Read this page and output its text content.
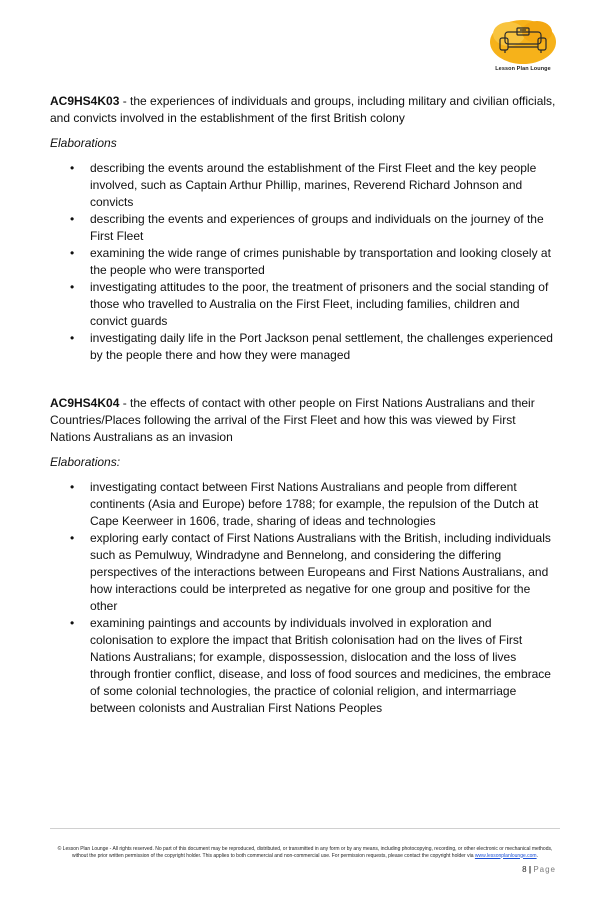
Lesson Plan Lounge

AC9HS4K03 - the experiences of individuals and groups, including military and civilian officials, and convicts involved in the establishment of the first British colony

Elaborations

• describing the events around the establishment of the First Fleet and the key people involved, such as Captain Arthur Phillip, marines, Reverend Richard Johnson and convicts
• describing the events and experiences of groups and individuals on the journey of the First Fleet
• examining the wide range of crimes punishable by transportation and looking closely at the people who were transported
• investigating attitudes to the poor, the treatment of prisoners and the social standing of those who travelled to Australia on the First Fleet, including families, children and convict guards
• investigating daily life in the Port Jackson penal settlement, the challenges experienced by the people there and how they were managed

AC9HS4K04 - the effects of contact with other people on First Nations Australians and their Countries/Places following the arrival of the First Fleet and how this was viewed by First Nations Australians as an invasion

Elaborations:

• investigating contact between First Nations Australians and people from different continents (Asia and Europe) before 1788; for example, the repulsion of the Dutch at Cape Keerweer in 1606, trade, sharing of ideas and technologies
• exploring early contact of First Nations Australians with the British, including individuals such as Pemulwuy, Windradyne and Bennelong, and considering the differing perspectives of the interactions between Europeans and First Nations Australians, and how interactions could be interpreted as negative for one group and positive for the other
• examining paintings and accounts by individuals involved in exploration and colonisation to explore the impact that British colonisation had on the lives of First Nations Australians; for example, dispossession, dislocation and the loss of lives through frontier conflict, disease, and loss of food sources and medicines, the embrace of some colonial technologies, the practice of colonial religion, and intermarriage between colonists and Australian First Nations Peoples
© Lesson Plan Lounge - All rights reserved. No part of this document may be reproduced, distributed, or transmitted in any form or by any means, including photocopying, recording, or other electronic or mechanical methods, without the prior written permission of the copyright holder. This applies to both commercial and non-commercial use. For permission requests, please contact the copyright holder via www.lessonplanlounge.com.
8 | Page
